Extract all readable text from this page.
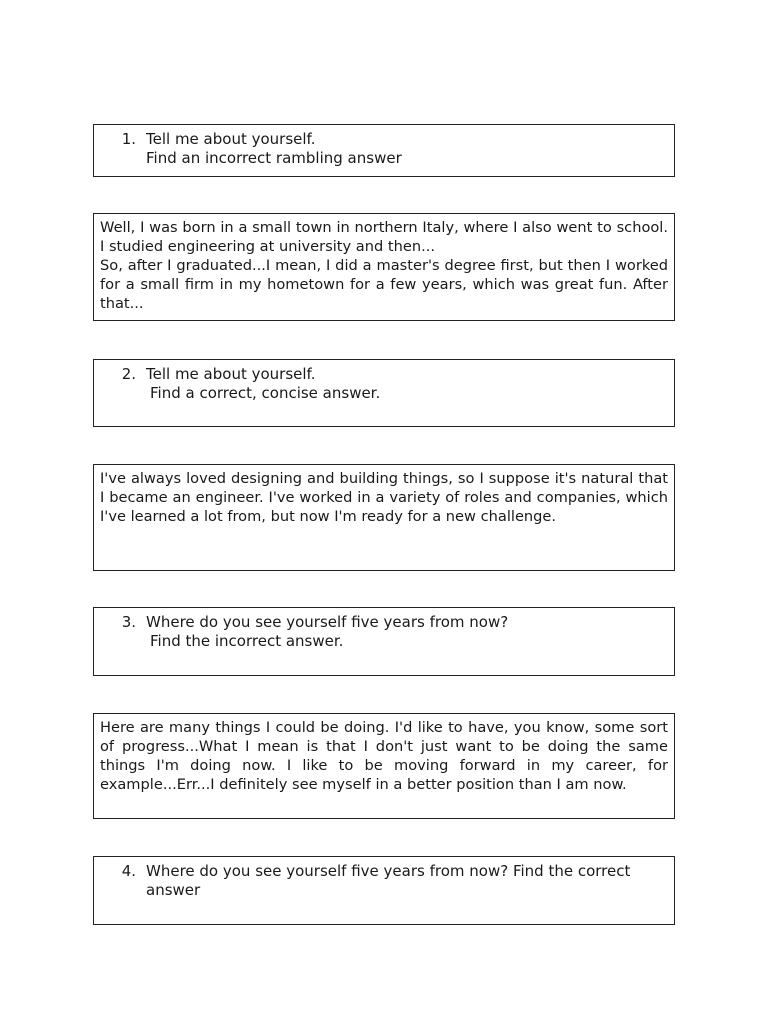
1. Tell me about yourself.
Find an incorrect rambling answer

Well, I was born in a small town in northern Italy, where I also went to school. I studied engineering at university and then...

So, after I graduated...I mean, I did a master's degree first, but then I worked for a small firm in my hometown for a few years, which was great fun. After that...

2. Tell me about yourself.
Find a correct, concise answer.

I've always loved designing and building things, so I suppose it's natural that I became an engineer. I've worked in a variety of roles and companies, which I've learned a lot from, but now I'm ready for a new challenge.

3. Where do you see yourself five years from now?
Find the incorrect answer.

Here are many things I could be doing. I'd like to have, you know, some sort of progress...What I mean is that I don't just want to be doing the same things I'm doing now. I like to be moving forward in my career, for example...Err...I definitely see myself in a better position than I am now.

4. Where do you see yourself five years from now? Find the correct answer
